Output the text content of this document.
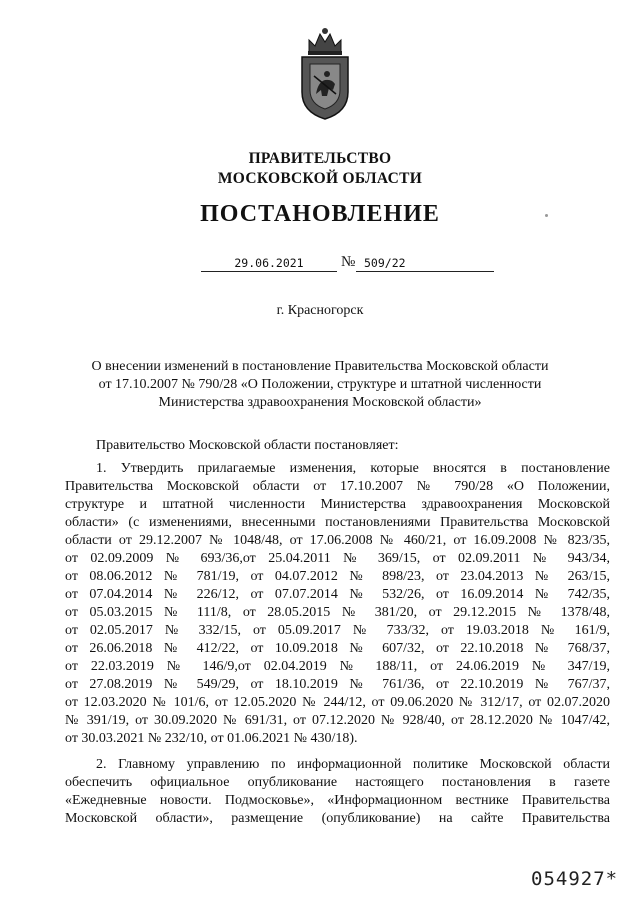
ПРАВИТЕЛЬСТВО
МОСКОВСКОЙ ОБЛАСТИ
ПОСТАНОВЛЕНИЕ
29.06.2021	№ 509/22
г. Красногорск
О внесении изменений в постановление Правительства Московской области
от 17.10.2007 № 790/28 «О Положении, структуре и штатной численности
Министерства здравоохранения Московской области»
Правительство Московской области постановляет:
1. Утвердить прилагаемые изменения, которые вносятся в постановление
Правительства Московской области от 17.10.2007 № 790/28 «О Положении,
структуре и штатной численности Министерства здравоохранения Московской
области» (с изменениями, внесенными постановлениями Правительства Московской
области от 29.12.2007 № 1048/48, от 17.06.2008 № 460/21, от 16.09.2008 № 823/35,
от 02.09.2009 № 693/36,от 25.04.2011 № 369/15, от 02.09.2011 № 943/34,
от 08.06.2012 № 781/19, от 04.07.2012 № 898/23, от 23.04.2013 № 263/15,
от 07.04.2014 № 226/12, от 07.07.2014 № 532/26, от 16.09.2014 № 742/35,
от 05.03.2015 № 111/8, от 28.05.2015 № 381/20, от 29.12.2015 № 1378/48,
от 02.05.2017 № 332/15, от 05.09.2017 № 733/32, от 19.03.2018 № 161/9,
от 26.06.2018 № 412/22, от 10.09.2018 № 607/32, от 22.10.2018 № 768/37,
от 22.03.2019 № 146/9,от 02.04.2019 № 188/11, от 24.06.2019 № 347/19,
от 27.08.2019 № 549/29, от 18.10.2019 № 761/36, от 22.10.2019 № 767/37,
от 12.03.2020 № 101/6, от 12.05.2020 № 244/12, от 09.06.2020 № 312/17, от 02.07.2020
№ 391/19, от 30.09.2020 № 691/31, от 07.12.2020 № 928/40, от 28.12.2020 № 1047/42,
от 30.03.2021 № 232/10, от 01.06.2021 № 430/18).
2. Главному управлению по информационной политике Московской области
обеспечить официальное опубликование настоящего постановления в газете
«Ежедневные новости. Подмосковье», «Информационном вестнике Правительства
Московской области», размещение (опубликование) на сайте Правительства
054927*
